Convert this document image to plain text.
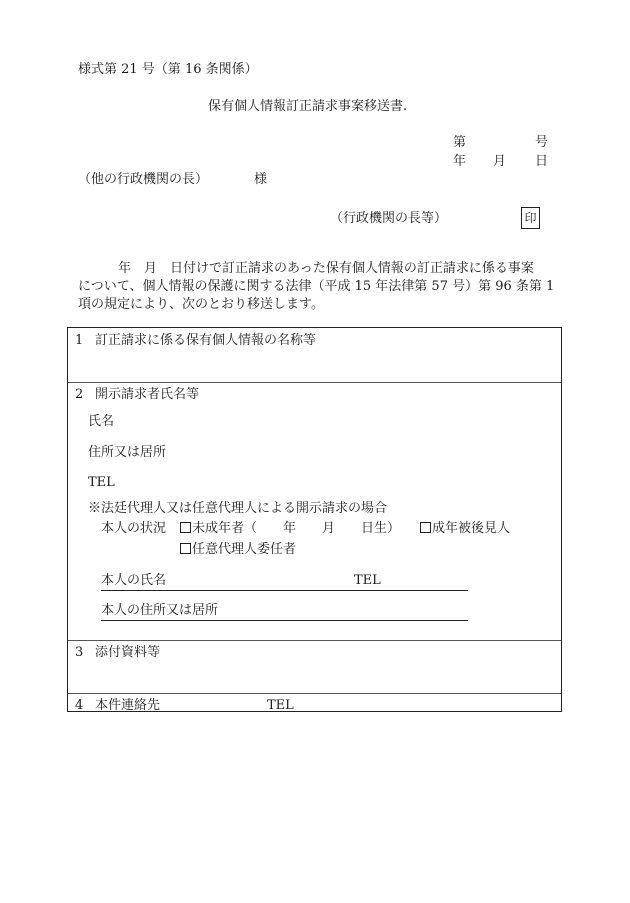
様式第 21 号（第 16 条関係）
保有個人情報訂正請求事案移送書.
第	号
年 月 日
（他の行政機関の長）	様
（行政機関の長等）	印
年　月　日付けで訂正請求のあった保有個人情報の訂正請求に係る事案
について、個人情報の保護に関する法律（平成 15 年法律第 57 号）第 96 条第 1
項の規定により、次のとおり移送します。
1 訂正請求に係る保有個人情報の名称等
2 開示請求者氏名等
氏名
住所又は居所
TEL
※法廷代理人又は任意代理人による開示請求の場合
本人の状況	未成年者（　　年　　月　　日生）	成年被後見人
任意代理人委任者
本人の氏名	TEL
本人の住所又は居所
3 添付資料等
4 本件連絡先	TEL
